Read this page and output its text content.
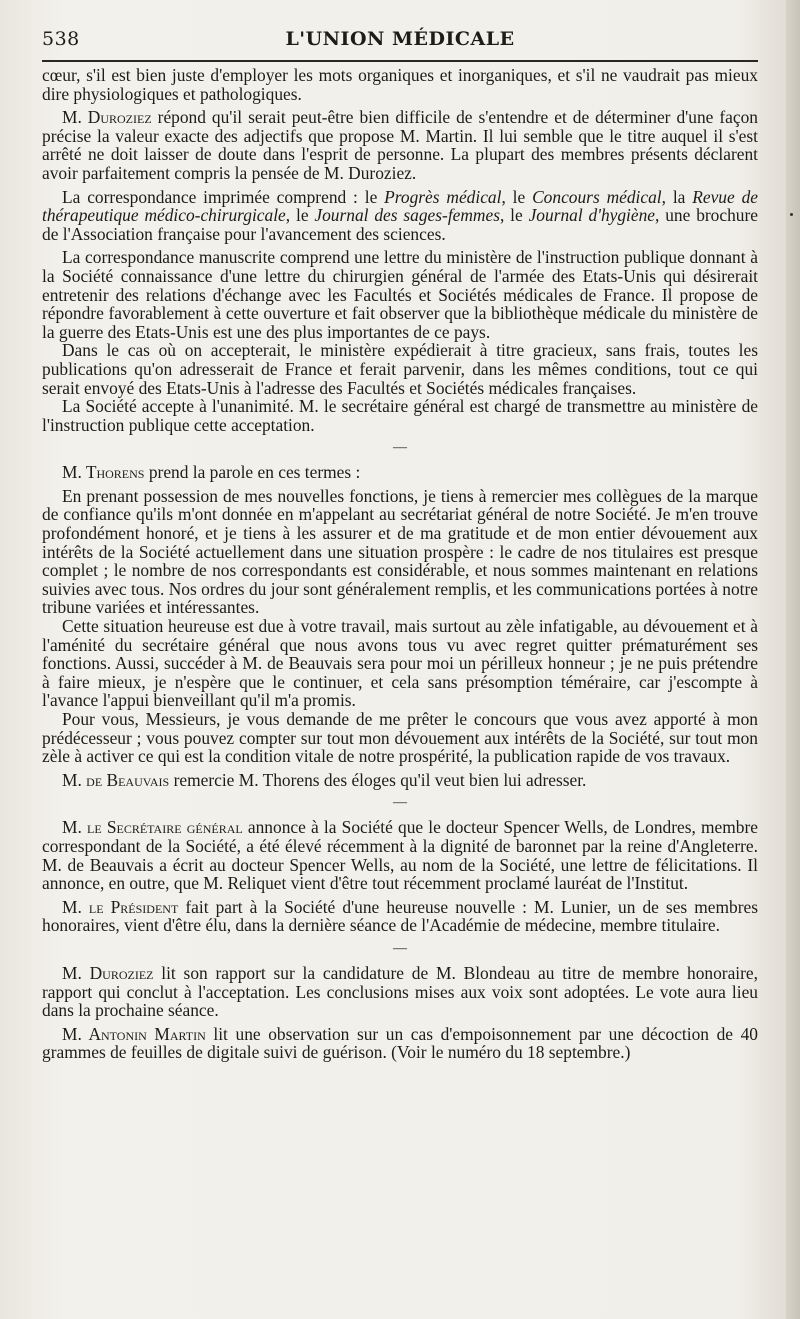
538	L'UNION MÉDICALE

cœur, s'il est bien juste d'employer les mots organiques et inorganiques, et s'il ne vaudrait pas mieux dire physiologiques et pathologiques.

M. Duroziez répond qu'il serait peut-être bien difficile de s'entendre et de déterminer d'une façon précise la valeur exacte des adjectifs que propose M. Martin. Il lui semble que le titre auquel il s'est arrêté ne doit laisser de doute dans l'esprit de personne. La plupart des membres présents déclarent avoir parfaitement compris la pensée de M. Duroziez.

La correspondance imprimée comprend : le Progrès médical, le Concours médical, la Revue de thérapeutique médico-chirurgicale, le Journal des sages-femmes, le Journal d'hygiène, une brochure de l'Association française pour l'avancement des sciences.

La correspondance manuscrite comprend une lettre du ministère de l'instruction publique donnant à la Société connaissance d'une lettre du chirurgien général de l'armée des Etats-Unis qui désirerait entretenir des relations d'échange avec les Facultés et Sociétés médicales de France. Il propose de répondre favorablement à cette ouverture et fait observer que la bibliothèque médicale du ministère de la guerre des Etats-Unis est une des plus importantes de ce pays.

Dans le cas où on accepterait, le ministère expédierait à titre gracieux, sans frais, toutes les publications qu'on adresserait de France et ferait parvenir, dans les mêmes conditions, tout ce qui serait envoyé des Etats-Unis à l'adresse des Facultés et Sociétés médicales françaises.

La Société accepte à l'unanimité. M. le secrétaire général est chargé de transmettre au ministère de l'instruction publique cette acceptation.

—

M. Thorens prend la parole en ces termes :

En prenant possession de mes nouvelles fonctions, je tiens à remercier mes collègues de la marque de confiance qu'ils m'ont donnée en m'appelant au secrétariat général de notre Société. Je m'en trouve profondément honoré, et je tiens à les assurer et de ma gratitude et de mon entier dévouement aux intérêts de la Société actuellement dans une situation prospère : le cadre de nos titulaires est presque complet ; le nombre de nos correspondants est considérable, et nous sommes maintenant en relations suivies avec tous. Nos ordres du jour sont généralement remplis, et les communications portées à notre tribune variées et intéressantes.

Cette situation heureuse est due à votre travail, mais surtout au zèle infatigable, au dévouement et à l'aménité du secrétaire général que nous avons tous vu avec regret quitter prématurément ses fonctions. Aussi, succéder à M. de Beauvais sera pour moi un périlleux honneur ; je ne puis prétendre à faire mieux, je n'espère que le continuer, et cela sans présomption téméraire, car j'escompte à l'avance l'appui bienveillant qu'il m'a promis.

Pour vous, Messieurs, je vous demande de me prêter le concours que vous avez apporté à mon prédécesseur ; vous pouvez compter sur tout mon dévouement aux intérêts de la Société, sur tout mon zèle à activer ce qui est la condition vitale de notre prospérité, la publication rapide de vos travaux.

M. de Beauvais remercie M. Thorens des éloges qu'il veut bien lui adresser.

—

M. le Secrétaire général annonce à la Société que le docteur Spencer Wells, de Londres, membre correspondant de la Société, a été élevé récemment à la dignité de baronnet par la reine d'Angleterre. M. de Beauvais a écrit au docteur Spencer Wells, au nom de la Société, une lettre de félicitations. Il annonce, en outre, que M. Reliquet vient d'être tout récemment proclamé lauréat de l'Institut.

M. le Président fait part à la Société d'une heureuse nouvelle : M. Lunier, un de ses membres honoraires, vient d'être élu, dans la dernière séance de l'Académie de médecine, membre titulaire.

—

M. Duroziez lit son rapport sur la candidature de M. Blondeau au titre de membre honoraire, rapport qui conclut à l'acceptation. Les conclusions mises aux voix sont adoptées. Le vote aura lieu dans la prochaine séance.

M. Antonin Martin lit une observation sur un cas d'empoisonnement par une décoction de 40 grammes de feuilles de digitale suivi de guérison. (Voir le numéro du 18 septembre.)
